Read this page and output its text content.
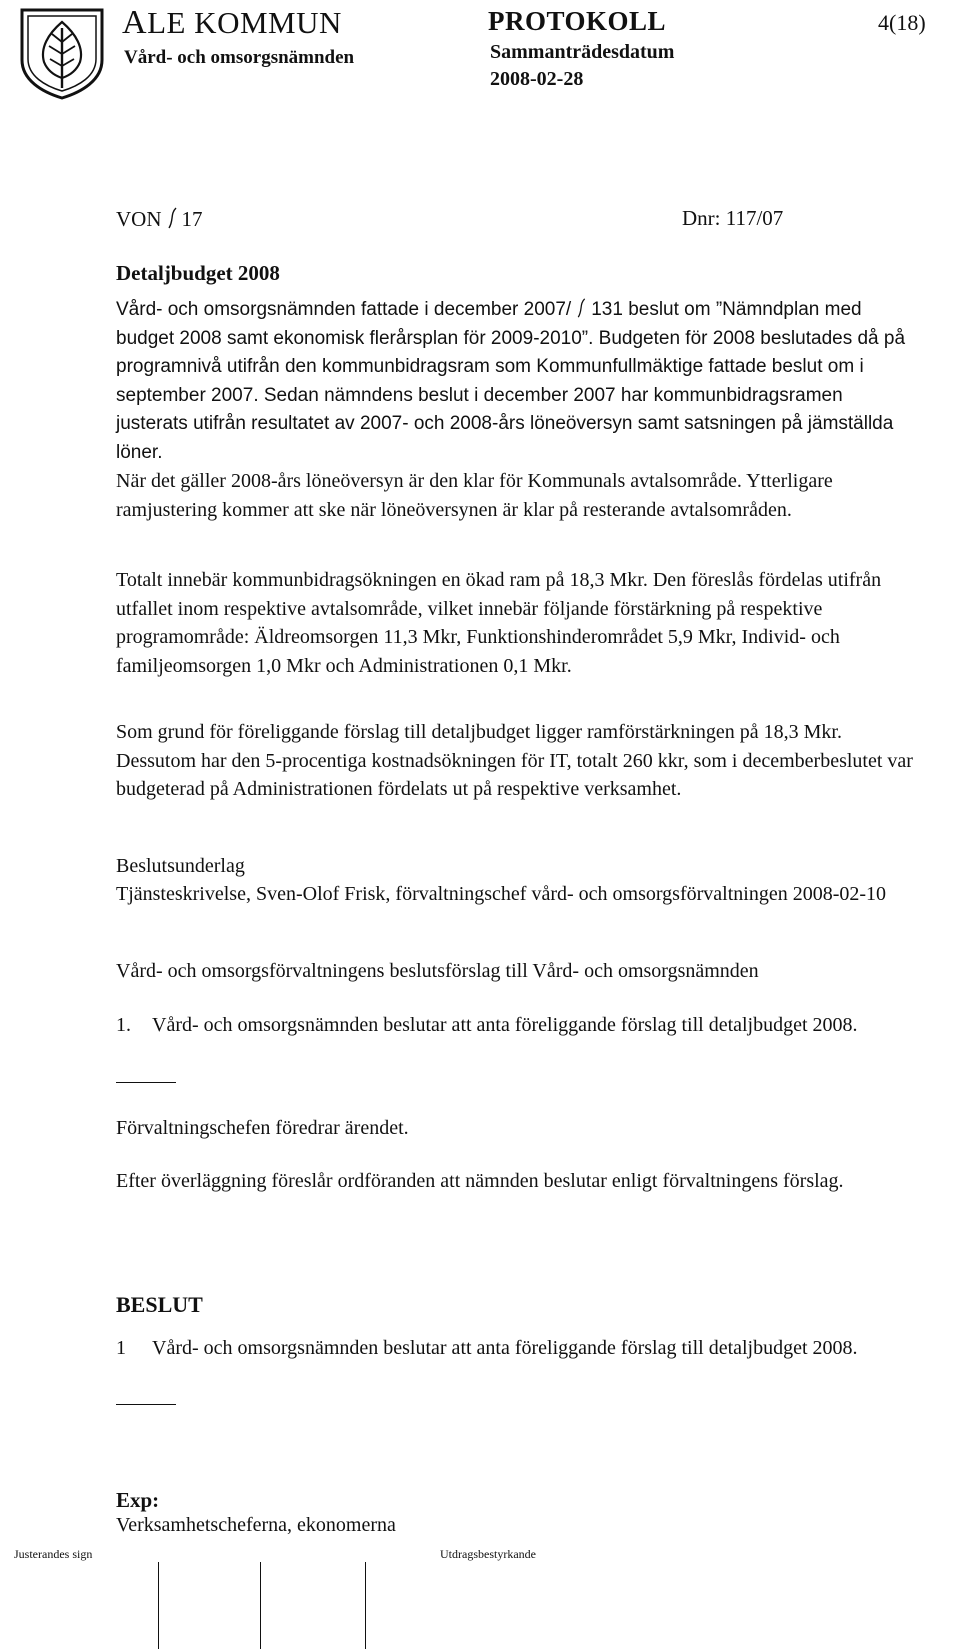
ALE KOMMUN
Vård- och omsorgsnämnden
PROTOKOLL	4(18)
Sammanträdesdatum
2008-02-28
VON 17	Dnr: 117/07
Detaljbudget 2008

Vård- och omsorgsnämnden fattade i december 2007/ 131 beslut om ”Nämndplan med budget 2008 samt ekonomisk flerårsplan för 2009-2010”. Budgeten för 2008 beslutades då på programnivå utifrån den kommunbidragsram som Kommunfullmäktige fattade beslut om i september 2007. Sedan nämndens beslut i december 2007 har kommunbidragsramen justerats utifrån resultatet av 2007- och 2008-års löneöversyn samt satsningen på jämställda löner.

När det gäller 2008-års löneöversyn är den klar för Kommunals avtalsområde. Ytterligare ramjustering kommer att ske när löneöversynen är klar på resterande avtalsområden.

Totalt innebär kommunbidragsökningen en ökad ram på 18,3 Mkr. Den föreslås fördelas utifrån utfallet inom respektive avtalsområde, vilket innebär följande förstärkning på respektive programområde: Äldreomsorgen 11,3 Mkr, Funktionshinderområdet 5,9 Mkr, Individ- och familjeomsorgen 1,0 Mkr och Administrationen 0,1 Mkr.

Som grund för föreliggande förslag till detaljbudget ligger ramförstärkningen på 18,3 Mkr. Dessutom har den 5-procentiga kostnadsökningen för IT, totalt 260 kkr, som i decemberbeslutet var budgeterad på Administrationen fördelats ut på respektive verksamhet.

Beslutsunderlag

Tjänsteskrivelse, Sven-Olof Frisk, förvaltningschef vård- och omsorgsförvaltningen 2008-02-10

Vård- och omsorgsförvaltningens beslutsförslag till Vård- och omsorgsnämnden

1.	Vård- och omsorgsnämnden beslutar att anta föreliggande förslag till detaljbudget 2008.

Förvaltningschefen föredrar ärendet.

Efter överläggning föreslår ordföranden att nämnden beslutar enligt förvaltningens förslag.

BESLUT
1	Vård- och omsorgsnämnden beslutar att anta föreliggande förslag till detaljbudget 2008.
Exp:
Verksamhetscheferna, ekonomerna
Justerandes sign	Utdragsbestyrkande
